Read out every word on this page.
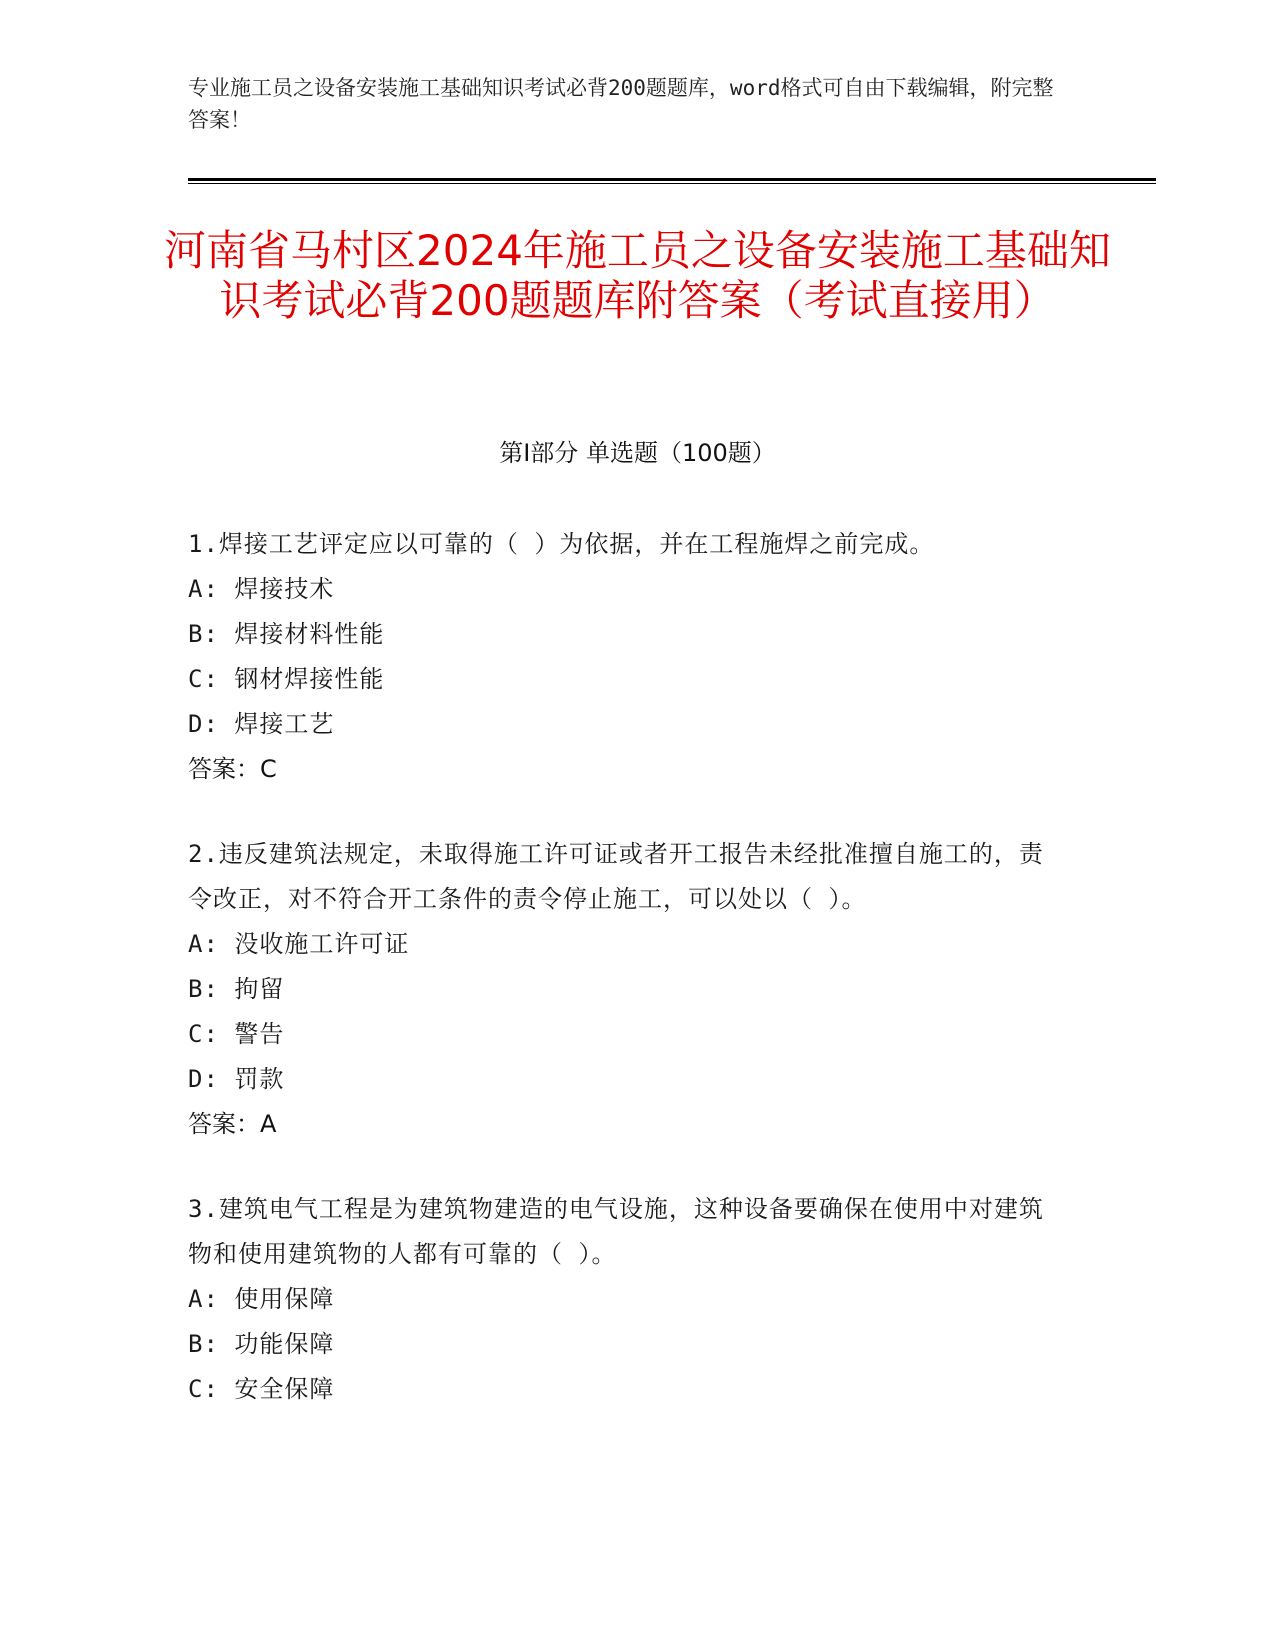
专业施工员之设备安装施工基础知识考试必背200题题库，word格式可自由下载编辑，附完整答案！
河南省马村区2024年施工员之设备安装施工基础知识考试必背200题题库附答案（考试直接用）
第Ⅰ部分 单选题（100题）
1.焊接工艺评定应以可靠的（ ）为依据，并在工程施焊之前完成。
A: 焊接技术
B: 焊接材料性能
C: 钢材焊接性能
D: 焊接工艺
答案：C
2.违反建筑法规定，未取得施工许可证或者开工报告未经批准擅自施工的，责令改正，对不符合开工条件的责令停止施工，可以处以（ ）。
A: 没收施工许可证
B: 拘留
C: 警告
D: 罚款
答案：A
3.建筑电气工程是为建筑物建造的电气设施，这种设备要确保在使用中对建筑物和使用建筑物的人都有可靠的（ ）。
A: 使用保障
B: 功能保障
C: 安全保障
